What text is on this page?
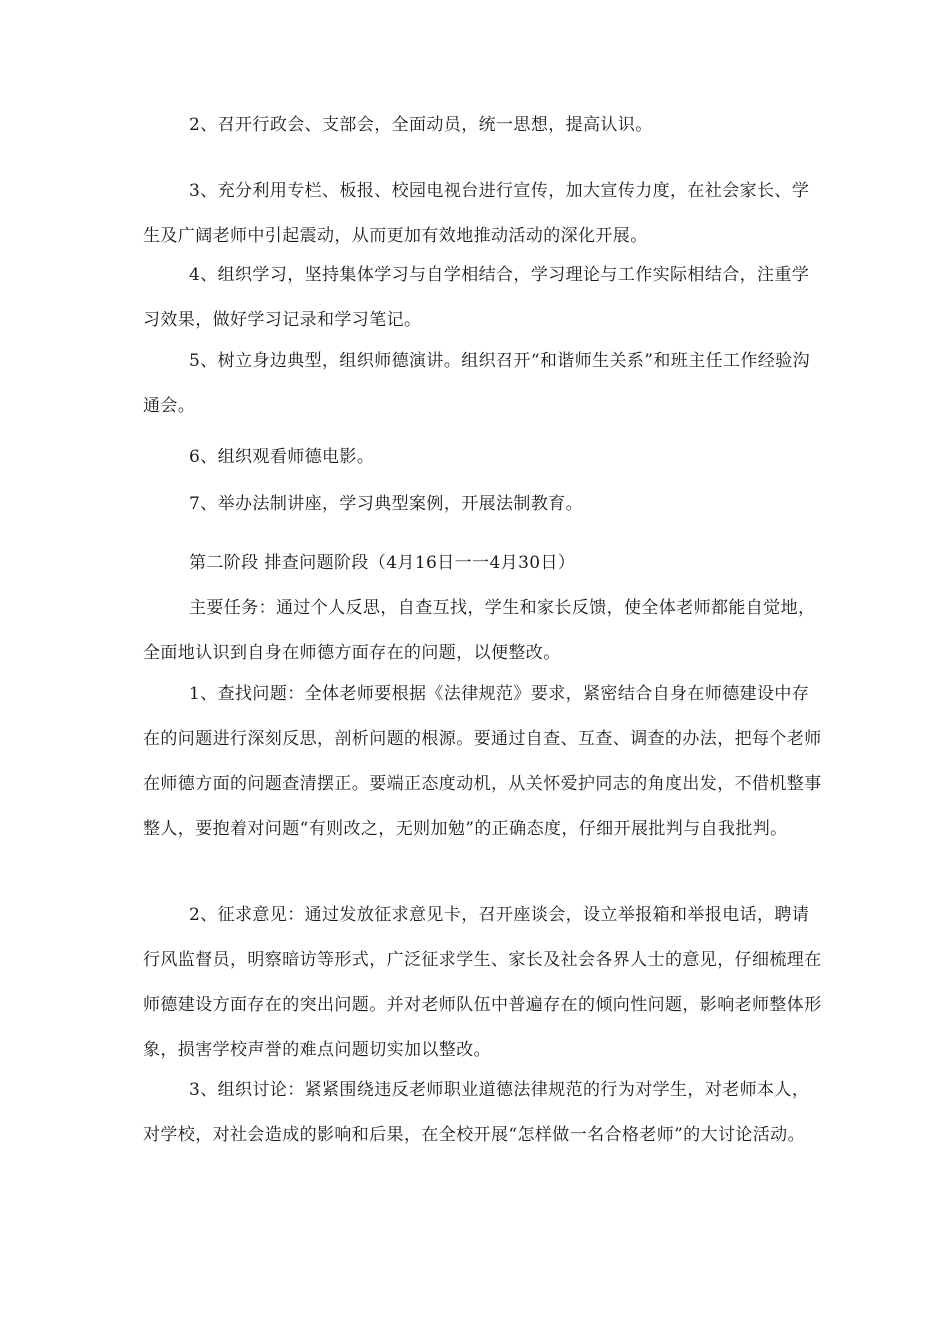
2、召开行政会、支部会，全面动员，统一思想，提高认识。

3、充分利用专栏、板报、校园电视台进行宣传，加大宣传力度，在社会家长、学生及广阔老师中引起震动，从而更加有效地推动活动的深化开展。

4、组织学习，坚持集体学习与自学相结合，学习理论与工作实际相结合，注重学习效果，做好学习记录和学习笔记。

5、树立身边典型，组织师德演讲。组织召开“和谐师生关系”和班主任工作经验沟通会。

6、组织观看师德电影。

7、举办法制讲座，学习典型案例，开展法制教育。

第二阶段 排查问题阶段（4月16日一一4月30日）

主要任务：通过个人反思，自查互找，学生和家长反馈，使全体老师都能自觉地，全面地认识到自身在师德方面存在的问题，以便整改。

1、查找问题：全体老师要根据《法律规范》要求，紧密结合自身在师德建设中存在的问题进行深刻反思，剖析问题的根源。要通过自查、互查、调查的办法，把每个老师在师德方面的问题查清摆正。要端正态度动机，从关怀爱护同志的角度出发，不借机整事整人，要抱着对问题“有则改之，无则加勉”的正确态度，仔细开展批判与自我批判。

2、征求意见：通过发放征求意见卡，召开座谈会，设立举报箱和举报电话，聘请行风监督员，明察暗访等形式，广泛征求学生、家长及社会各界人士的意见，仔细梳理在师德建设方面存在的突出问题。并对老师队伍中普遍存在的倾向性问题，影响老师整体形象，损害学校声誉的难点问题切实加以整改。

3、组织讨论：紧紧围绕违反老师职业道德法律规范的行为对学生，对老师本人，对学校，对社会造成的影响和后果，在全校开展“怎样做一名合格老师”的大讨论活动。
